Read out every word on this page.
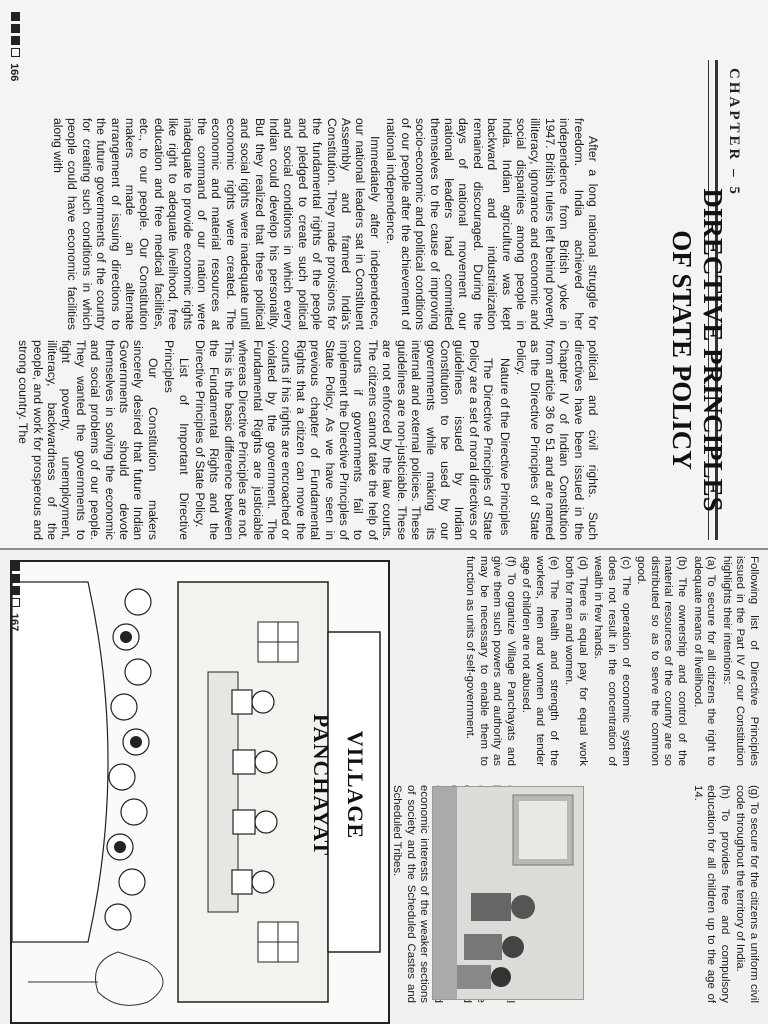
CHAPTER – 5
DIRECTIVE PRINCIPLES
OF STATE POLICY

After a long national struggle for freedom. India achieved her independence from British yoke in 1947. British rulers left behind poverty, illiteracy, ignorance and economic and social disparities among people in India. Indian agriculture was kept backward and industrialization remained discouraged. During the days of national movement our national leaders had committed themselves to the cause of improving socio-economic and political conditions of our people after the achievement of national independence.

Immediately after independence, our national leaders sat in Constituent Assembly and framed India's Constitution. They made provisions for the fundamental rights of the people and pledged to create such political and social conditions in which every Indian could develop his personality. But they realized that these political and social rights were inadequate until economic rights were created. The economic and material resources at the command of our nation were inadequate to provide economic rights like right to adequate livelihood, free education and free medical facilities, etc., to our people. Our Constitution makers made an alternate arrangement of issuing directions to the future governments of the country for creating such conditions in which people could have economic facilities along with

political and civil rights. Such directives have been issued in the Chapter IV of Indian Constitution from article 36 to 51 and are named as the Directive Principles of State Policy.

Nature of the Directive Principles

The Directive Principles of State Policy are a set of moral directives or guidelines issued by Indian Constitution to be used by our governments while making its internal and external policies. These guidelines are non-justiciable. These are not enforced by the law courts. The citizens cannot take the help of courts if governments fail to implement the Directive Principles of State Policy. As we have seen in previous chapter of Fundamental Rights that a citizen can move the courts if his rights are encroached or violated by the government. The Fundamental Rights are justiciable whereas Directive Principles are not. This is the basic difference between the Fundamental Rights and the Directive Principles of State Policy.

List of Important Directive Principles

Our Constitution makers sincerely desired that future Indian Governments should devote themselves in solving the economic and social problems of our people. They wanted the governments to fight poverty, unemployment, illiteracy, backwardness of the people, and work for prosperous and strong country. The

166

Following list of Directive Principles issued in the Part IV of our Constitution highlights their intentions:

(a) To secure for all citizens the right to adequate means of livelihood.

(b) The ownership and control of the material resources of the country are so distributed so as to serve the common good.

(c) The operation of economic system does not result in the concentration of wealth in few hands.

(d) There is equal pay for equal work both for men and women.

(e) The health and strength of the workers, men and women and tender age of children are not abused.

(f) To organize Village Panchayats and give them such powers and authority as may be necessary to enable them to function as units of self-government.

(g) To secure for the citizens a uniform civil code throughout the territory of India.

(h) To provides free and compulsory education for all children up to the age of 14.

economic interests of the weaker sections of society and the Scheduled Castes and Scheduled Tribes.

VILLAGE PANCHAYAT
167
